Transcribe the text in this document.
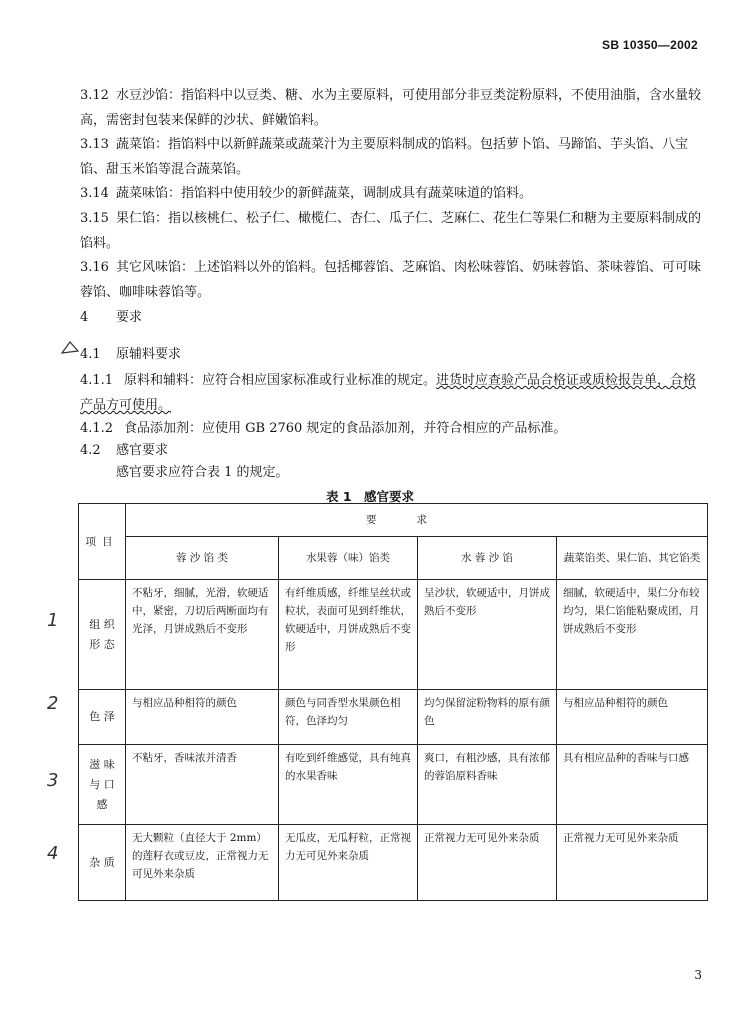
SB 10350—2002
3.12 水豆沙馅：指馅料中以豆类、糖、水为主要原料，可使用部分非豆类淀粉原料，不使用油脂，含水量较高，需密封包装来保鲜的沙状、鲜嫩馅料。
3.13 蔬菜馅：指馅料中以新鲜蔬菜或蔬菜汁为主要原料制成的馅料。包括萝卜馅、马蹄馅、芋头馅、八宝馅、甜玉米馅等混合蔬菜馅。
3.14 蔬菜味馅：指馅料中使用较少的新鲜蔬菜，调制成具有蔬菜味道的馅料。
3.15 果仁馅：指以核桃仁、松子仁、橄榄仁、杏仁、瓜子仁、芝麻仁、花生仁等果仁和糖为主要原料制成的馅料。
3.16 其它风味馅：上述馅料以外的馅料。包括椰蓉馅、芝麻馅、肉松味蓉馅、奶味蓉馅、茶味蓉馅、可可味蓉馅、咖啡味蓉馅等。
4 要求
4.1 原辅料要求
4.1.1 原料和辅料：应符合相应国家标准或行业标准的规定。进货时应查验产品合格证或质检报告单，合格产品方可使用。
4.1.2 食品添加剂：应使用 GB 2760 规定的食品添加剂，并符合相应的产品标准。
4.2 感官要求
感官要求应符合表 1 的规定。
表 1　感官要求
项目	要求			
	蓉 沙 馅 类	水果蓉（味）馅类	水 蓉 沙 馅	蔬菜馅类、果仁馅、其它馅类
组 织 形 态	不粘牙，细腻，光滑，软硬适中，紧密，刀切后两断面均有光泽，月饼成熟后不变形	有纤维质感，纤维呈丝状或粒状，表面可见到纤维状，软硬适中，月饼成熟后不变形	呈沙状，软硬适中，月饼成熟后不变形	细腻，软硬适中，果仁分布较均匀，果仁馅能粘聚成团，月饼成熟后不变形
色 泽	与相应品种相符的颜色	颜色与同香型水果颜色相符，色泽均匀	均匀保留淀粉物料的原有颜色	与相应品种相符的颜色
滋 味 与 口 感	不粘牙，香味浓并清香	有吃到纤维感觉，具有纯真的水果香味	爽口，有粗沙感，具有浓郁的蓉馅原料香味	具有相应品种的香味与口感
杂 质	无大颗粒（直径大于 2mm）的莲籽衣或豆皮，正常视力无可见外来杂质	无瓜皮，无瓜籽粒，正常视力无可见外来杂质	正常视力无可见外来杂质	正常视力无可见外来杂质
1
2
3
4
3
